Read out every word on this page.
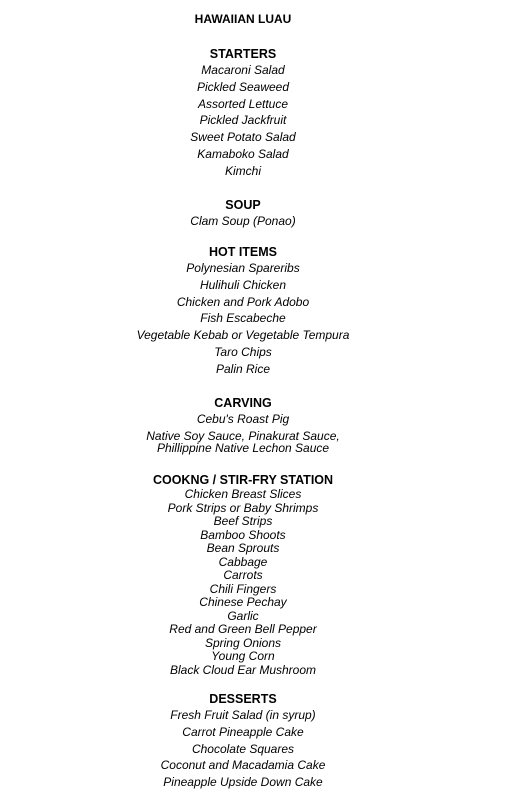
HAWAIIAN LUAU
STARTERS
Macaroni Salad
Pickled Seaweed
Assorted Lettuce
Pickled Jackfruit
Sweet Potato Salad
Kamaboko Salad
Kimchi
SOUP
Clam Soup (Ponao)
HOT ITEMS
Polynesian Spareribs
Hulihuli Chicken
Chicken and Pork Adobo
Fish Escabeche
Vegetable Kebab or Vegetable Tempura
Taro Chips
Palin Rice
CARVING
Cebu's Roast Pig
Native Soy Sauce, Pinakurat Sauce,
Phillippine Native Lechon Sauce
COOKNG / STIR-FRY STATION
Chicken Breast Slices
Pork Strips or Baby Shrimps
Beef Strips
Bamboo Shoots
Bean Sprouts
Cabbage
Carrots
Chili Fingers
Chinese Pechay
Garlic
Red and Green Bell Pepper
Spring Onions
Young Corn
Black Cloud Ear Mushroom
DESSERTS
Fresh Fruit Salad (in syrup)
Carrot Pineapple Cake
Chocolate Squares
Coconut and Macadamia Cake
Pineapple Upside Down Cake
